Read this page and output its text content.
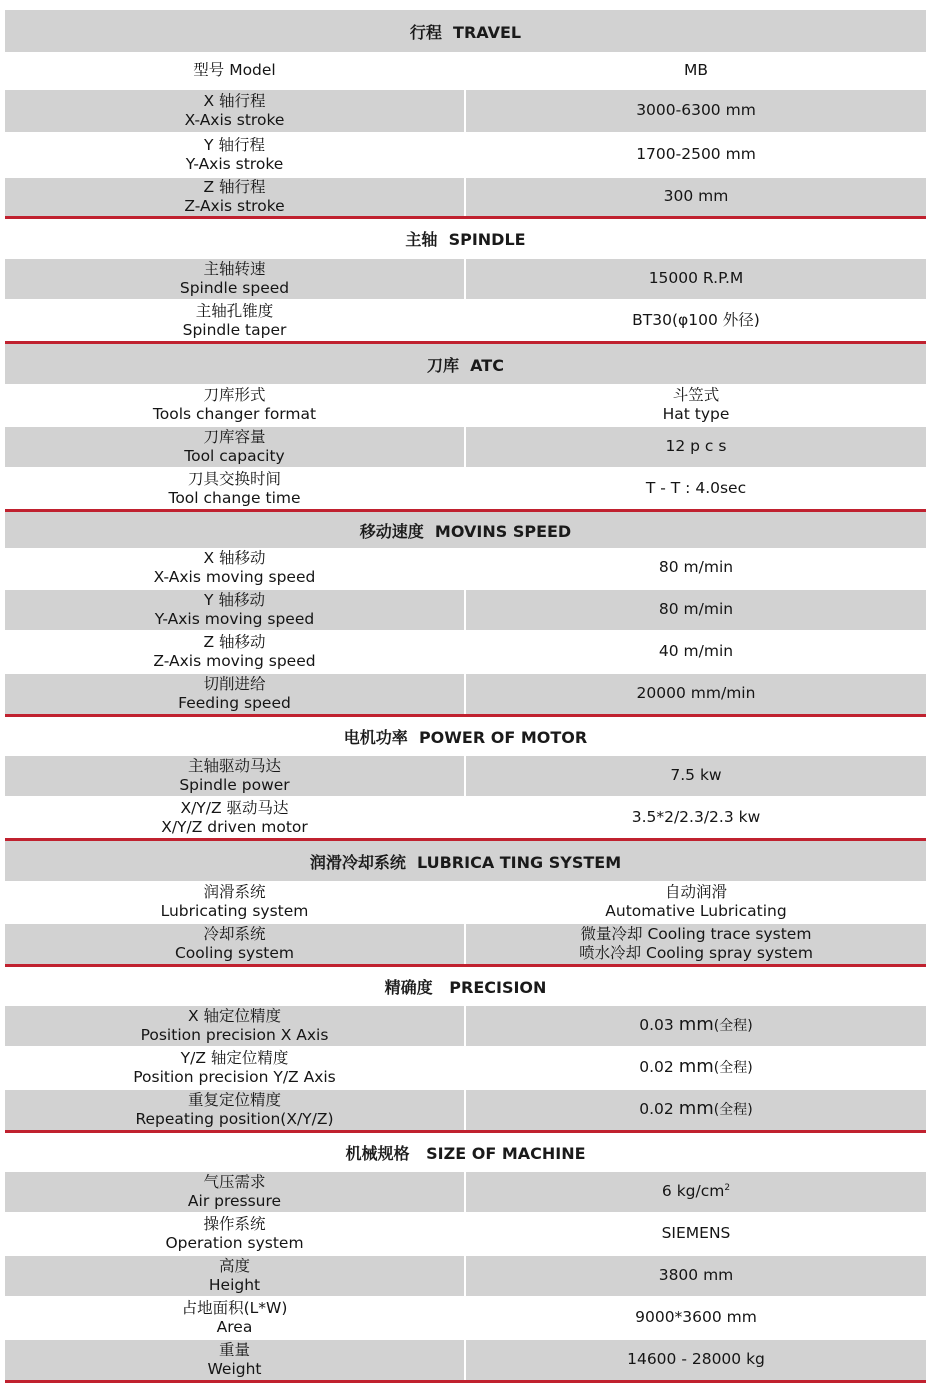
行程  TRAVEL
型号 Model	MB
X 轴行程
X-Axis stroke
3000-6300 mm
Y 轴行程
Y-Axis stroke
1700-2500 mm
Z 轴行程
Z-Axis stroke
300 mm
主轴  SPINDLE
主轴转速
Spindle speed
15000 R.P.M
主轴孔锥度
Spindle taper
BT30(φ100 外径)
刀库  ATC
刀库形式
Tools changer format
斗笠式
Hat type
刀库容量
Tool capacity
12 p c s
刀具交换时间
Tool change time
T - T : 4.0sec
移动速度  MOVINS SPEED
X 轴移动
X-Axis moving speed
80 m/min
Y 轴移动
Y-Axis moving speed
80 m/min
Z 轴移动
Z-Axis moving speed
40 m/min
切削进给
Feeding speed
20000 mm/min
电机功率  POWER OF MOTOR
主轴驱动马达
Spindle power
7.5 kw
X/Y/Z 驱动马达
X/Y/Z driven motor
3.5*2/2.3/2.3 kw
润滑冷却系统  LUBRICA TING SYSTEM
润滑系统
Lubricating system
自动润滑
Automative Lubricating
冷却系统
Cooling system
微量冷却 Cooling trace system
喷水冷却 Cooling spray system
精确度   PRECISION
X 轴定位精度
Position precision X Axis
0.03 mm(全程)
Y/Z 轴定位精度
Position precision Y/Z Axis
0.02 mm(全程)
重复定位精度
Repeating position(X/Y/Z)
0.02 mm(全程)
机械规格   SIZE OF MACHINE
气压需求
Air pressure
6 $kg/cm^2$
操作系统
Operation system
SIEMENS
高度
Height
3800 mm
占地面积(L*W)
Area
9000*3600 mm
重量
Weight
14600 - 28000 kg
